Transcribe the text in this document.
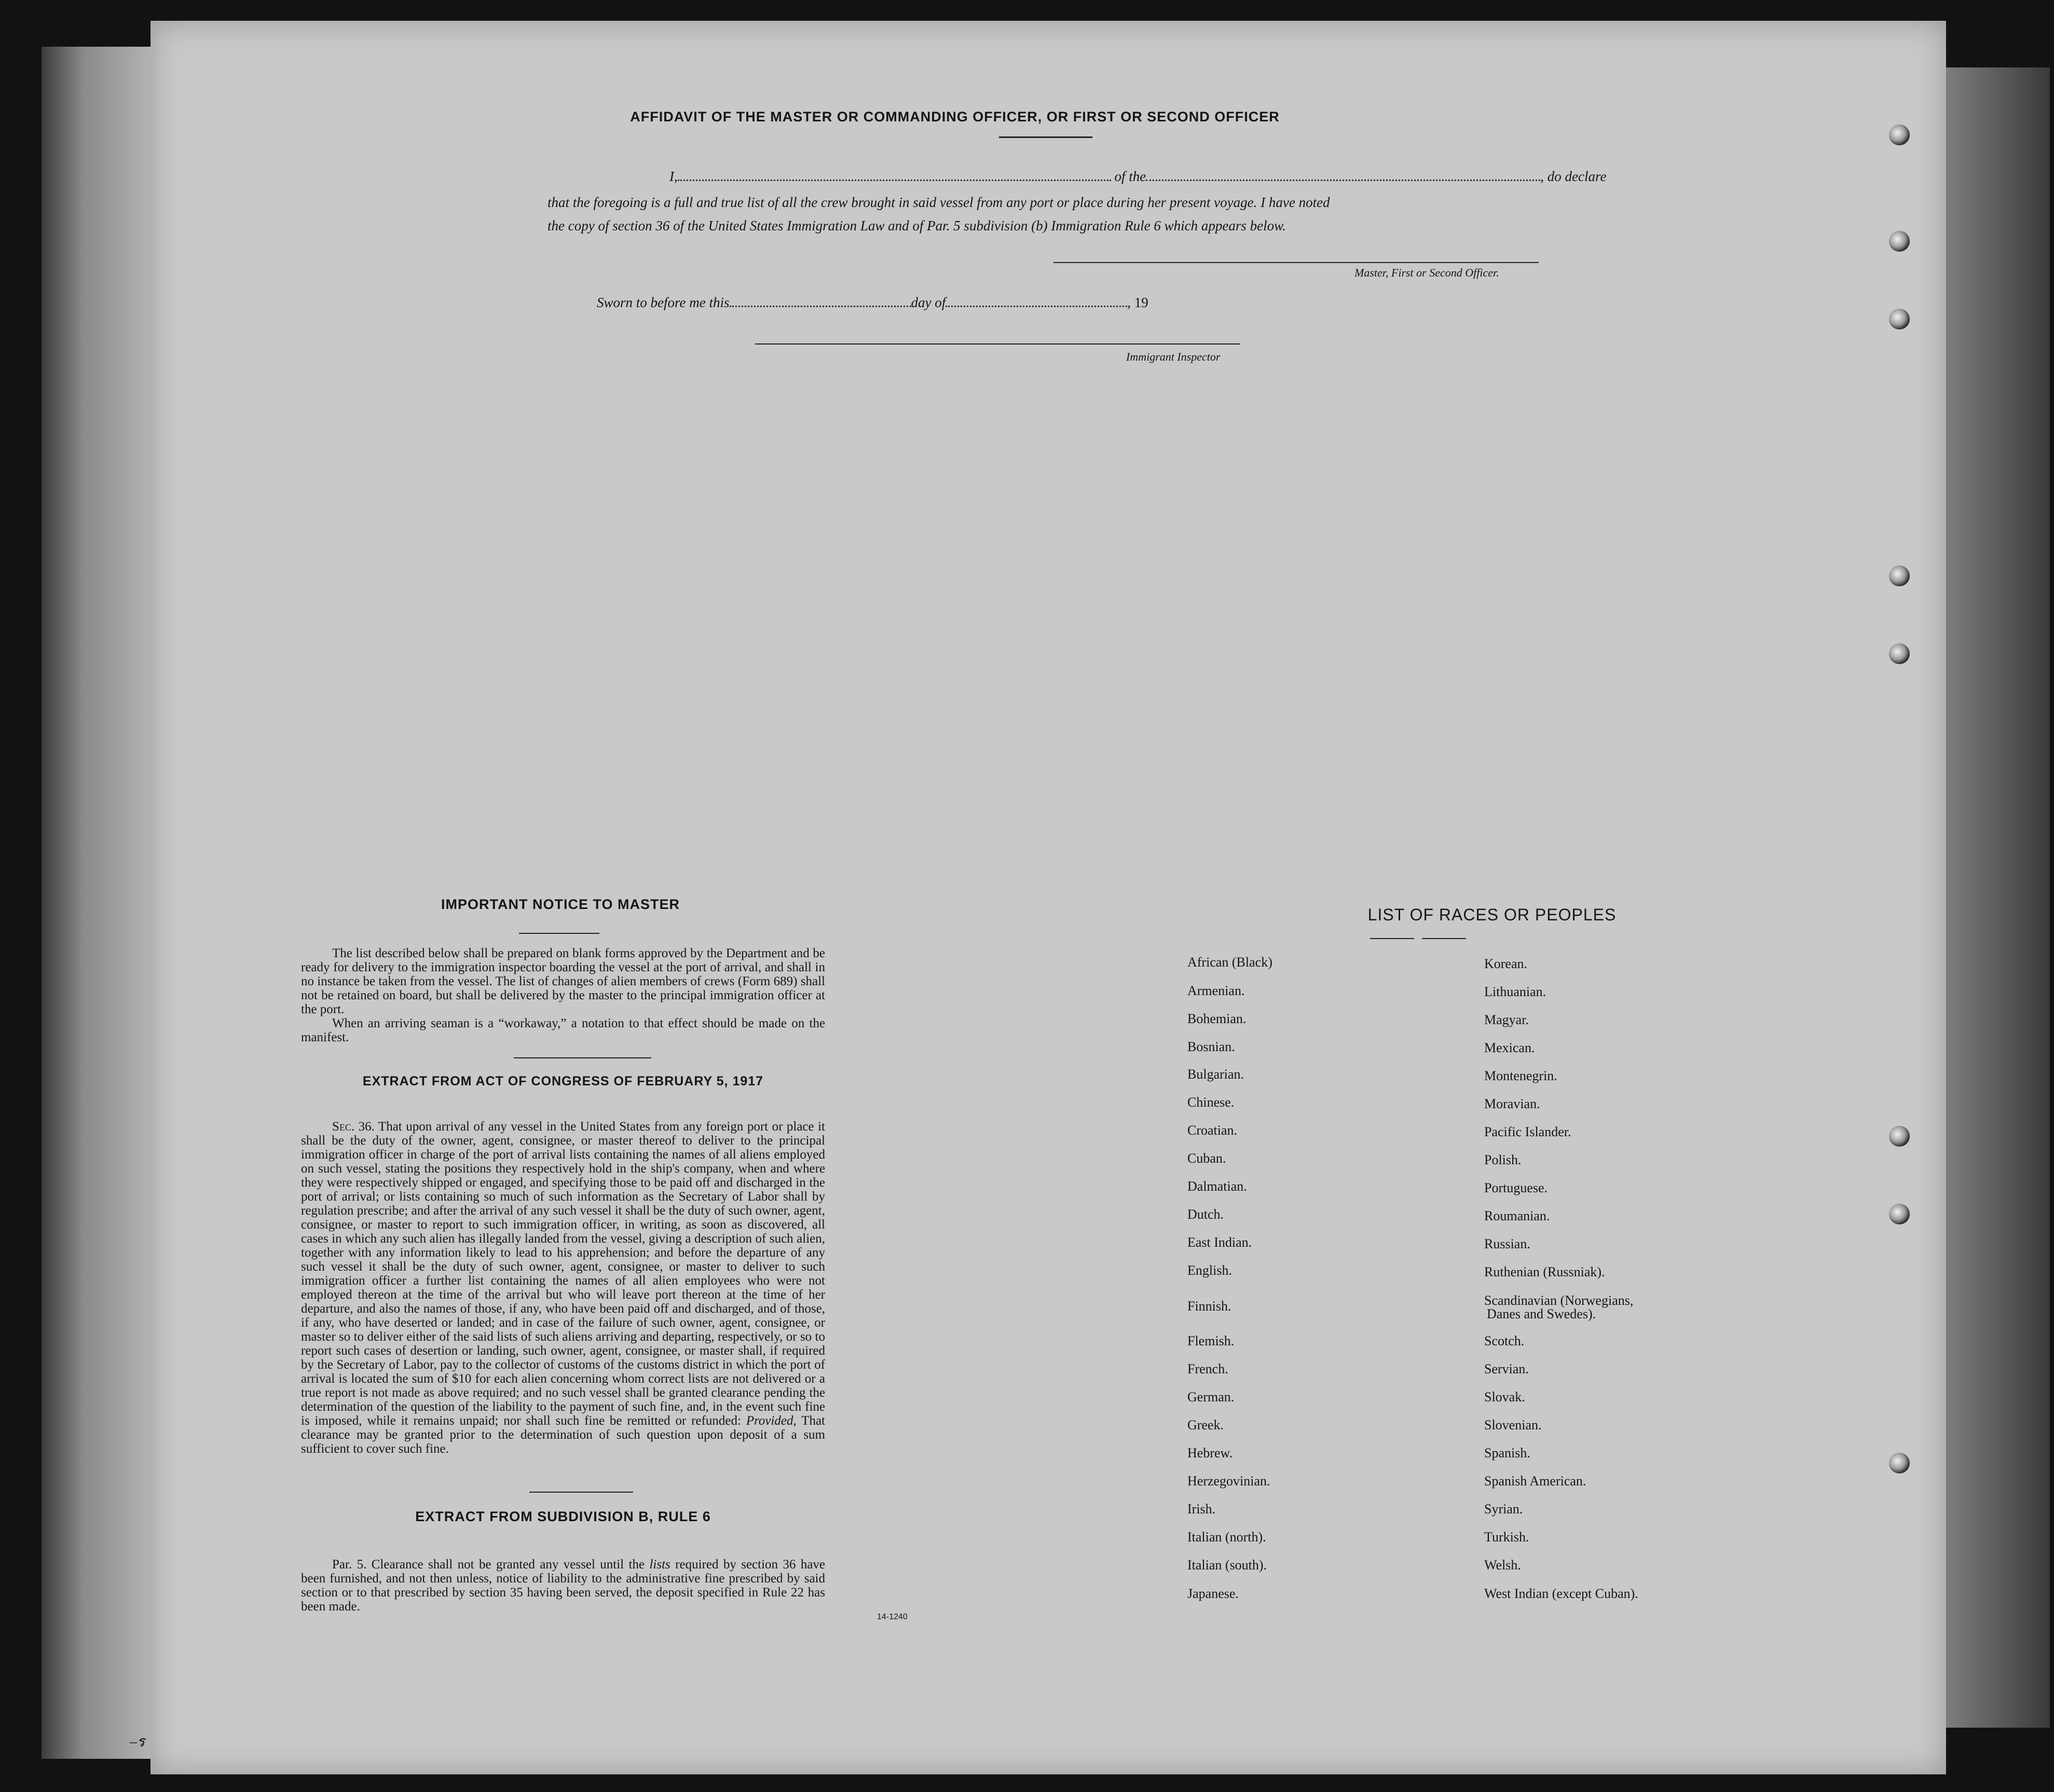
AFFIDAVIT OF THE MASTER OR COMMANDING OFFICER, OR FIRST OR SECOND OFFICER
I,	of the	, do declare
that the foregoing is a full and true list of all the crew brought in said vessel from any port or place during her present voyage. I have noted
the copy of section 36 of the United States Immigration Law and of Par. 5 subdivision (b) Immigration Rule 6 which appears below.
Master, First or Second Officer.
Sworn to before me this	day of	, 19
Immigrant Inspector
IMPORTANT NOTICE TO MASTER

The list described below shall be prepared on blank forms approved by the Department and be ready for delivery to the immigration inspector boarding the vessel at the port of arrival, and shall in no instance be taken from the vessel. The list of changes of alien members of crews (Form 689) shall not be retained on board, but shall be delivered by the master to the principal immigration officer at the port.

When an arriving seaman is a “workaway,” a notation to that effect should be made on the manifest.

EXTRACT FROM ACT OF CONGRESS OF FEBRUARY 5, 1917

Sec. 36. That upon arrival of any vessel in the United States from any foreign port or place it shall be the duty of the owner, agent, consignee, or master thereof to deliver to the principal immigration officer in charge of the port of arrival lists containing the names of all aliens employed on such vessel, stating the positions they respectively hold in the ship's company, when and where they were respectively shipped or engaged, and specifying those to be paid off and discharged in the port of arrival; or lists containing so much of such information as the Secretary of Labor shall by regulation prescribe; and after the arrival of any such vessel it shall be the duty of such owner, agent, consignee, or master to report to such immigration officer, in writing, as soon as discovered, all cases in which any such alien has illegally landed from the vessel, giving a description of such alien, together with any information likely to lead to his apprehension; and before the departure of any such vessel it shall be the duty of such owner, agent, consignee, or master to deliver to such immigration officer a further list containing the names of all alien employees who were not employed thereon at the time of the arrival but who will leave port thereon at the time of her departure, and also the names of those, if any, who have been paid off and discharged, and of those, if any, who have deserted or landed; and in case of the failure of such owner, agent, consignee, or master so to deliver either of the said lists of such aliens arriving and departing, respectively, or so to report such cases of desertion or landing, such owner, agent, consignee, or master shall, if required by the Secretary of Labor, pay to the collector of customs of the customs district in which the port of arrival is located the sum of $10 for each alien concerning whom correct lists are not delivered or a true report is not made as above required; and no such vessel shall be granted clearance pending the determination of the question of the liability to the payment of such fine, and, in the event such fine is imposed, while it remains unpaid; nor shall such fine be remitted or refunded: Provided, That clearance may be granted prior to the determination of such question upon deposit of a sum sufficient to cover such fine.

EXTRACT FROM SUBDIVISION B, RULE 6

Par. 5. Clearance shall not be granted any vessel until the lists required by section 36 have been furnished, and not then unless, notice of liability to the administrative fine prescribed by said section or to that prescribed by section 35 having been served, the deposit specified in Rule 22 has been made.

14-1240
LIST OF RACES OR PEOPLES
Danes and Swedes).
–ร
African (Black)
Armenian.
Bohemian.
Bosnian.
Bulgarian.
Chinese.
Croatian.
Cuban.
Dalmatian.
Dutch.
East Indian.
English.
Finnish.
Flemish.
French.
German.
Greek.
Hebrew.
Herzegovinian.
Irish.
Italian (north).
Italian (south).
Japanese.
Korean.
Lithuanian.
Magyar.
Mexican.
Montenegrin.
Moravian.
Pacific Islander.
Polish.
Portuguese.
Roumanian.
Russian.
Ruthenian (Russniak).
Scandinavian (Norwegians,
Scotch.
Servian.
Slovak.
Slovenian.
Spanish.
Spanish American.
Syrian.
Turkish.
Welsh.
West Indian (except Cuban).
